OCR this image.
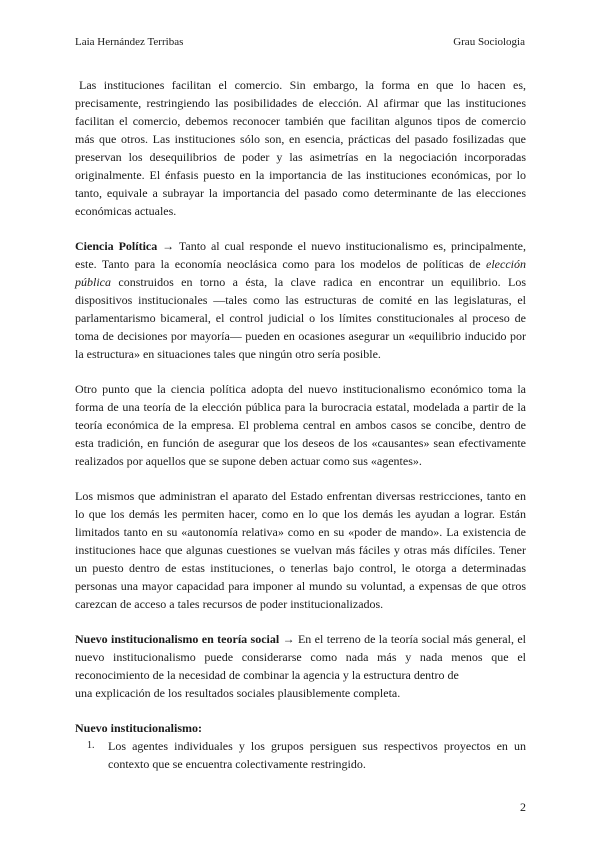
Laia Hernández Terribas	Grau Sociologia

Las instituciones facilitan el comercio. Sin embargo, la forma en que lo hacen es, precisamente, restringiendo las posibilidades de elección. Al afirmar que las instituciones facilitan el comercio, debemos reconocer también que facilitan algunos tipos de comercio más que otros. Las instituciones sólo son, en esencia, prácticas del pasado fosilizadas que preservan los desequilibrios de poder y las asimetrías en la negociación incorporadas originalmente. El énfasis puesto en la importancia de las instituciones económicas, por lo tanto, equivale a subrayar la importancia del pasado como determinante de las elecciones económicas actuales.

Ciencia Política → Tanto al cual responde el nuevo institucionalismo es, principalmente, este. Tanto para la economía neoclásica como para los modelos de políticas de elección pública construidos en torno a ésta, la clave radica en encontrar un equilibrio. Los dispositivos institucionales —tales como las estructuras de comité en las legislaturas, el parlamentarismo bicameral, el control judicial o los límites constitucionales al proceso de toma de decisiones por mayoría— pueden en ocasiones asegurar un «equilibrio inducido por la estructura» en situaciones tales que ningún otro sería posible.

Otro punto que la ciencia política adopta del nuevo institucionalismo económico toma la forma de una teoría de la elección pública para la burocracia estatal, modelada a partir de la teoría económica de la empresa. El problema central en ambos casos se concibe, dentro de esta tradición, en función de asegurar que los deseos de los «causantes» sean efectivamente realizados por aquellos que se supone deben actuar como sus «agentes».

Los mismos que administran el aparato del Estado enfrentan diversas restricciones, tanto en lo que los demás les permiten hacer, como en lo que los demás les ayudan a lograr. Están limitados tanto en su «autonomía relativa» como en su «poder de mando». La existencia de instituciones hace que algunas cuestiones se vuelvan más fáciles y otras más difíciles. Tener un puesto dentro de estas instituciones, o tenerlas bajo control, le otorga a determinadas personas una mayor capacidad para imponer al mundo su voluntad, a expensas de que otros carezcan de acceso a tales recursos de poder institucionalizados.

Nuevo institucionalismo en teoría social → En el terreno de la teoría social más general, el nuevo institucionalismo puede considerarse como nada más y nada menos que el reconocimiento de la necesidad de combinar la agencia y la estructura dentro de
una explicación de los resultados sociales plausiblemente completa.

Nuevo institucionalismo:
1. Los agentes individuales y los grupos persiguen sus respectivos proyectos en un contexto que se encuentra colectivamente restringido.
2
